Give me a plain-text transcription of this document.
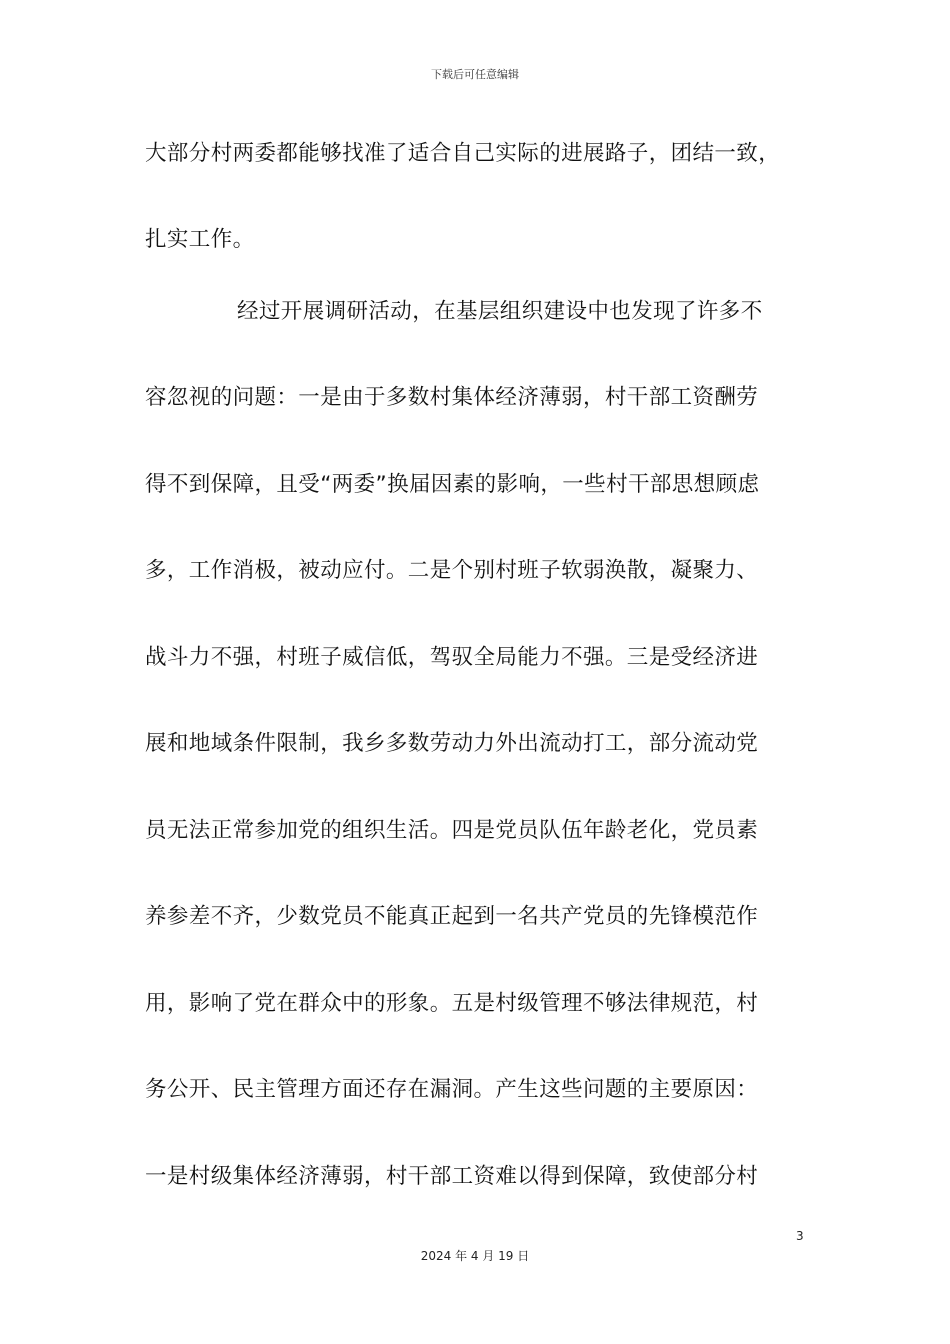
下载后可任意编辑
大部分村两委都能够找准了适合自己实际的进展路子，团结一致，
扎实工作。
经过开展调研活动，在基层组织建设中也发现了许多不
容忽视的问题：一是由于多数村集体经济薄弱，村干部工资酬劳
得不到保障，且受“两委”换届因素的影响，一些村干部思想顾虑
多，工作消极，被动应付。二是个别村班子软弱涣散，凝聚力、
战斗力不强，村班子威信低，驾驭全局能力不强。三是受经济进
展和地域条件限制，我乡多数劳动力外出流动打工，部分流动党
员无法正常参加党的组织生活。四是党员队伍年龄老化，党员素
养参差不齐，少数党员不能真正起到一名共产党员的先锋模范作
用，影响了党在群众中的形象。五是村级管理不够法律规范，村
务公开、民主管理方面还存在漏洞。产生这些问题的主要原因：
一是村级集体经济薄弱，村干部工资难以得到保障，致使部分村
3
2024 年 4 月 19 日
